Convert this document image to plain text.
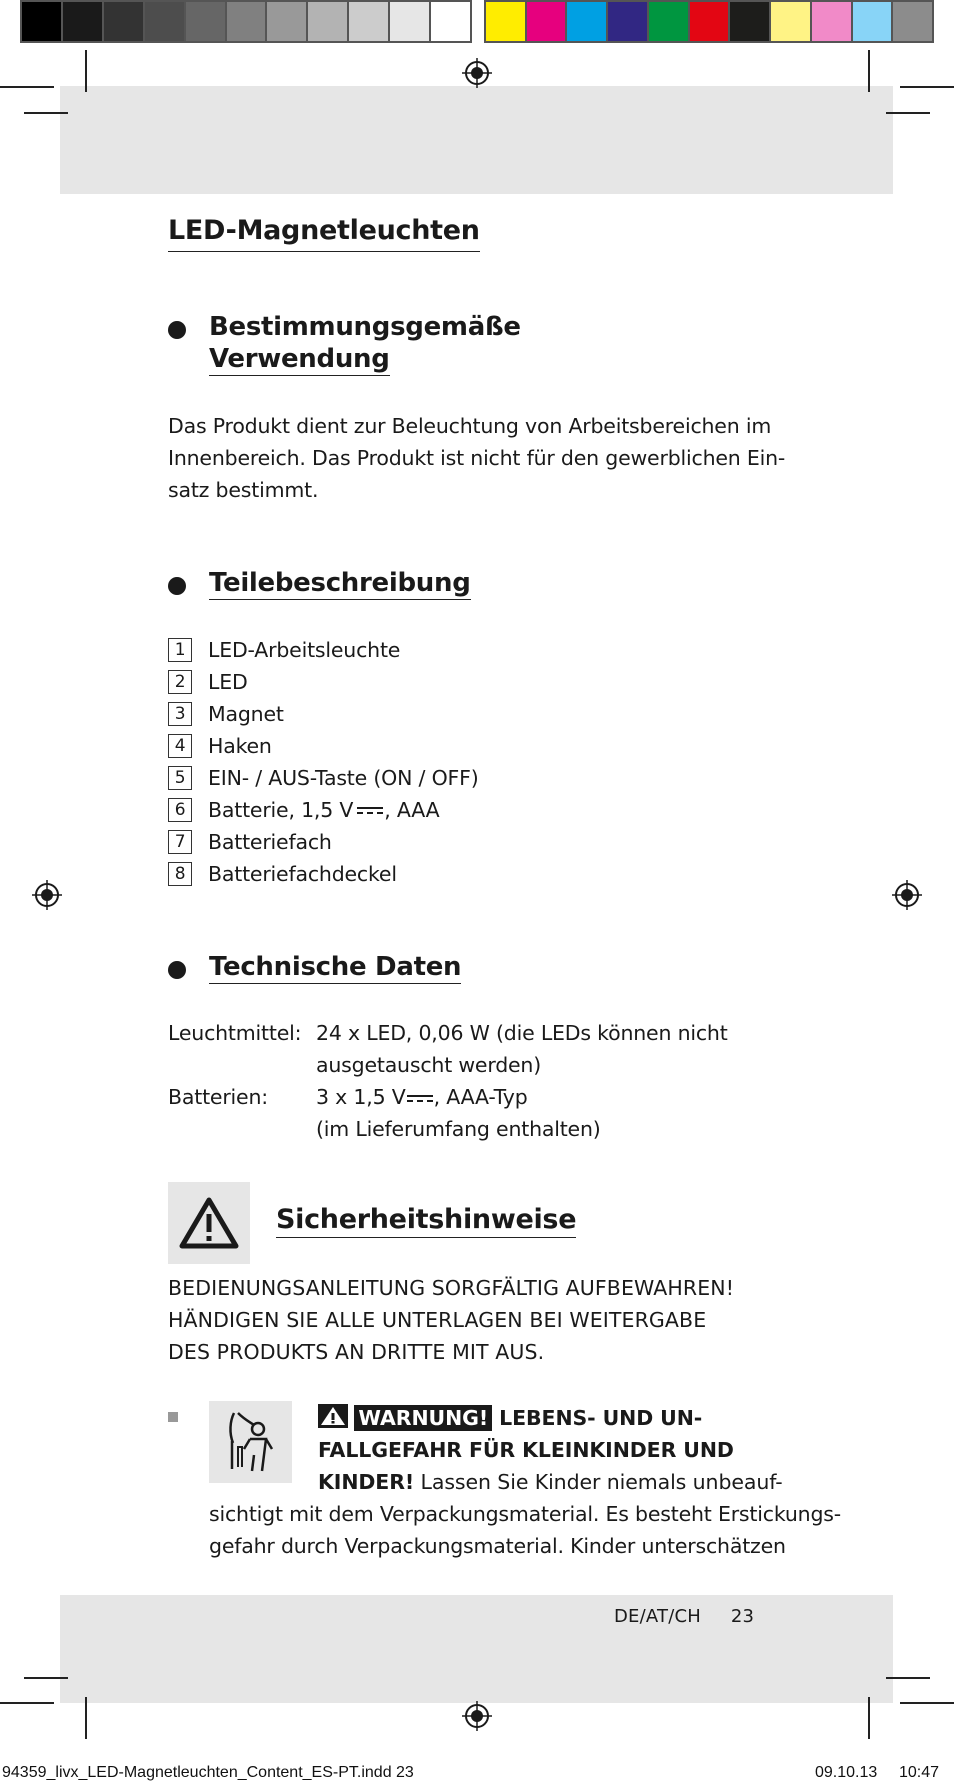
LED-Magnetleuchten
Bestimmungsgemäße
Verwendung

Das Produkt dient zur Beleuchtung von Arbeitsbereichen im
Innenbereich. Das Produkt ist nicht für den gewerblichen Ein-
satz bestimmt.

Teilebeschreibung
1	LED-Arbeitsleuchte
2	LED
3	Magnet
4	Haken
5	EIN- / AUS-Taste (ON / OFF)
6	Batterie, 1,5 V , AAA
7	Batteriefach
8	Batteriefachdeckel
Technische Daten
Leuchtmittel: 24 x LED, 0,06 W (die LEDs können nicht
ausgetauscht werden)
Batterien: 3 x 1,5 V , AAA-Typ
(im Lieferumfang enthalten)
Sicherheitshinweise
BEDIENUNGSANLEITUNG SORGFÄLTIG AUFBEWAHREN!
HÄNDIGEN SIE ALLE UNTERLAGEN BEI WEITERGABE
DES PRODUKTS AN DRITTE MIT AUS.
WARNUNG! LEBENS- UND UN-
FALLGEFAHR FÜR KLEINKINDER UND
KINDER! Lassen Sie Kinder niemals unbeauf-
sichtigt mit dem Verpackungsmaterial. Es besteht Erstickungs-
gefahr durch Verpackungsmaterial. Kinder unterschätzen
DE/AT/CH 23
94359_livx_LED-Magnetleuchten_Content_ES-PT.indd 23	09.10.13 10:47
